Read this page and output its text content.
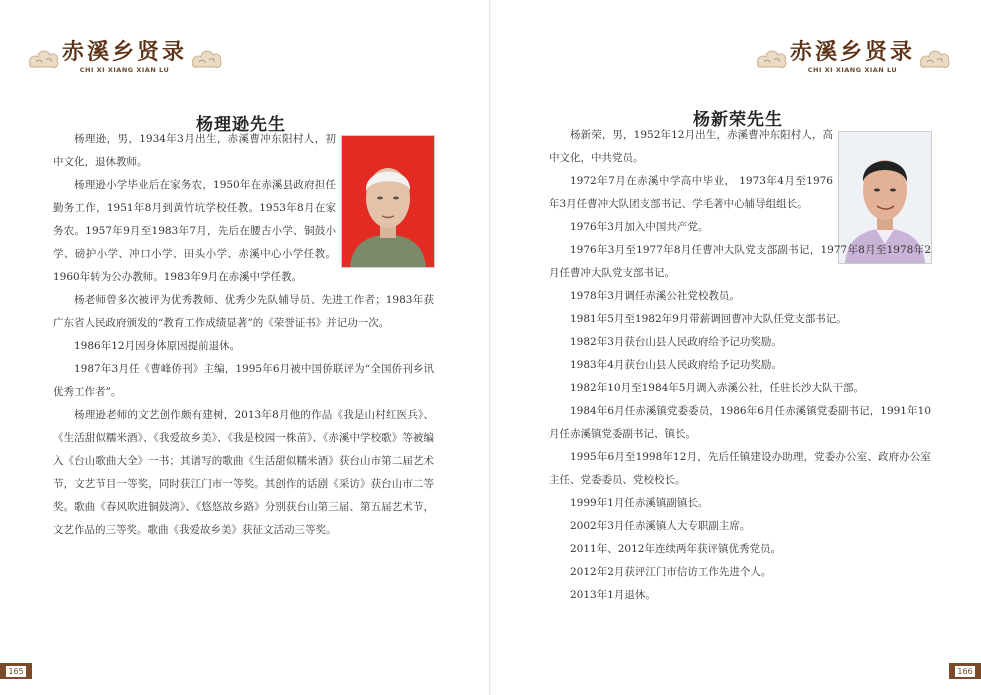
赤溪乡贤录
CHI XI XIANG XIAN LU
杨理逊先生

杨理逊，男，1934年3月出生，赤溪曹冲东阳村人，初中文化，退休教师。

杨理逊小学毕业后在家务农，1950年在赤溪县政府担任勤务工作，1951年8月到黄竹坑学校任教。1953年8月在家务农。1957年9月至1983年7月，先后在腰古小学、铜鼓小学、磅护小学、冲口小学、田头小学、赤溪中心小学任教。1960年转为公办教师。1983年9月在赤溪中学任教。

杨老师曾多次被评为优秀教师、优秀少先队辅导员、先进工作者；1983年获广东省人民政府颁发的“教育工作成绩显著”的《荣誉证书》并记功一次。

1986年12月因身体原因提前退休。

1987年3月任《曹峰侨刊》主编，1995年6月被中国侨联评为“全国侨刊乡讯优秀工作者”。

杨理逊老师的文艺创作颇有建树，2013年8月他的作品《我是山村红医兵》、《生活甜似糯米酒》、《我爱故乡美》、《我是校园一株苗》、《赤溪中学校歌》等被编入《台山歌曲大全》一书；其谱写的歌曲《生活甜似糯米酒》获台山市第二届艺术节，文艺节目一等奖，同时获江门市一等奖。其创作的话剧《采访》获台山市二等奖。歌曲《春风吹进铜鼓湾》、《悠悠故乡路》分别获台山第三届、第五届艺术节，文艺作品的三等奖。歌曲《我爱故乡美》获征文活动三等奖。

165
赤溪乡贤录
CHI XI XIANG XIAN LU
杨新荣先生

杨新荣，男，1952年12月出生，赤溪曹冲东阳村人，高中文化，中共党员。

1972年7月在赤溪中学高中毕业， 1973年4月至1976年3月任曹冲大队团支部书记、学毛著中心辅导组组长。

1976年3月加入中国共产党。

1976年3月至1977年8月任曹冲大队党支部副书记，1977年8月至1978年2月任曹冲大队党支部书记。

1978年3月调任赤溪公社党校教员。

1981年5月至1982年9月带薪调回曹冲大队任党支部书记。

1982年3月获台山县人民政府给予记功奖励。

1983年4月获台山县人民政府给予记功奖励。

1982年10月至1984年5月调入赤溪公社，任驻长沙大队干部。

1984年6月任赤溪镇党委委员，1986年6月任赤溪镇党委副书记，1991年10月任赤溪镇党委副书记、镇长。

1995年6月至1998年12月，先后任镇建设办助理，党委办公室、政府办公室主任、党委委员、党校校长。

1999年1月任赤溪镇副镇长。

2002年3月任赤溪镇人大专职副主席。

2011年、2012年连续两年获评镇优秀党员。

2012年2月获评江门市信访工作先进个人。

2013年1月退休。

166
